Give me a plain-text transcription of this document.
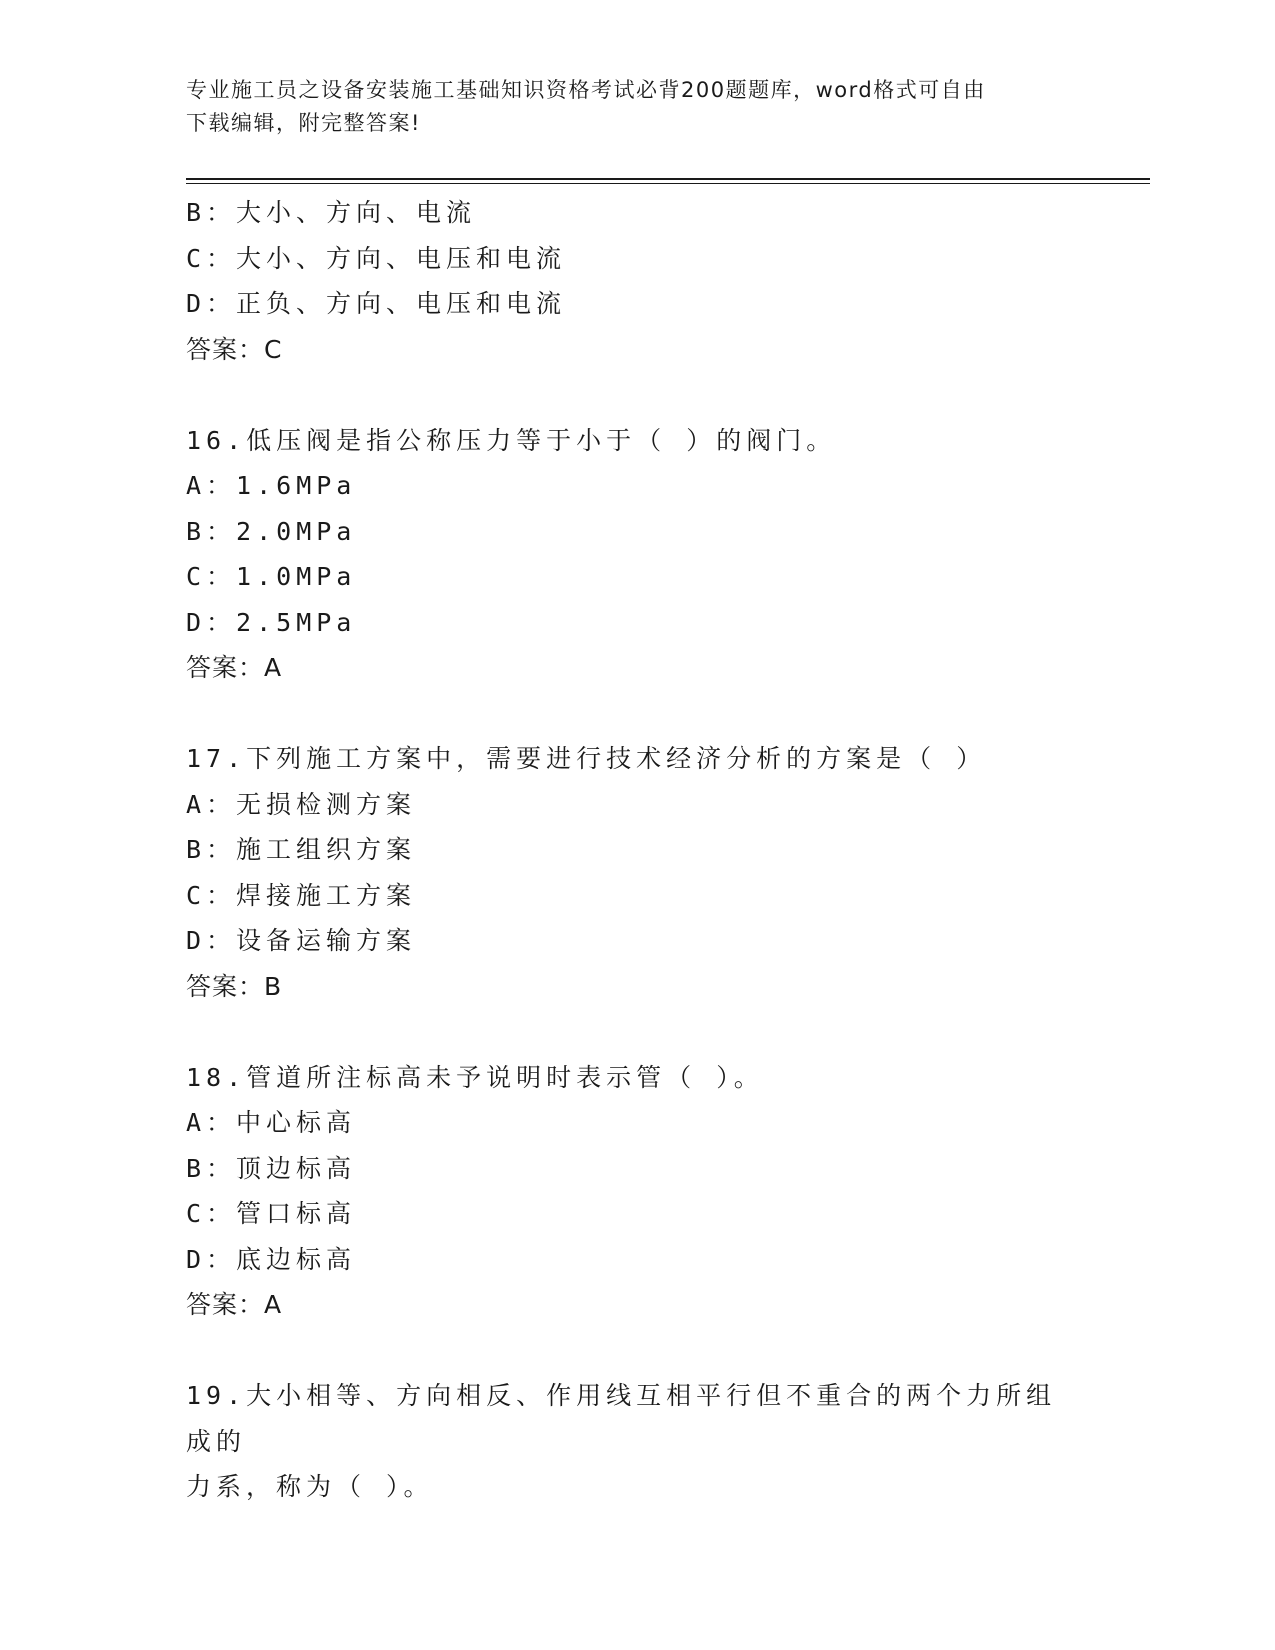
专业施工员之设备安装施工基础知识资格考试必背200题题库，word格式可自由
下载编辑，附完整答案!
B：大小、方向、电流
C：大小、方向、电压和电流
D：正负、方向、电压和电流
答案：C
16.低压阀是指公称压力等于小于（ ）的阀门。
A：1.6MPa
B：2.0MPa
C：1.0MPa
D：2.5MPa
答案：A
17.下列施工方案中，需要进行技术经济分析的方案是（ ）
A：无损检测方案
B：施工组织方案
C：焊接施工方案
D：设备运输方案
答案：B
18.管道所注标高未予说明时表示管（ ）。
A：中心标高
B：顶边标高
C：管口标高
D：底边标高
答案：A
19.大小相等、方向相反、作用线互相平行但不重合的两个力所组成的
力系，称为（ ）。
